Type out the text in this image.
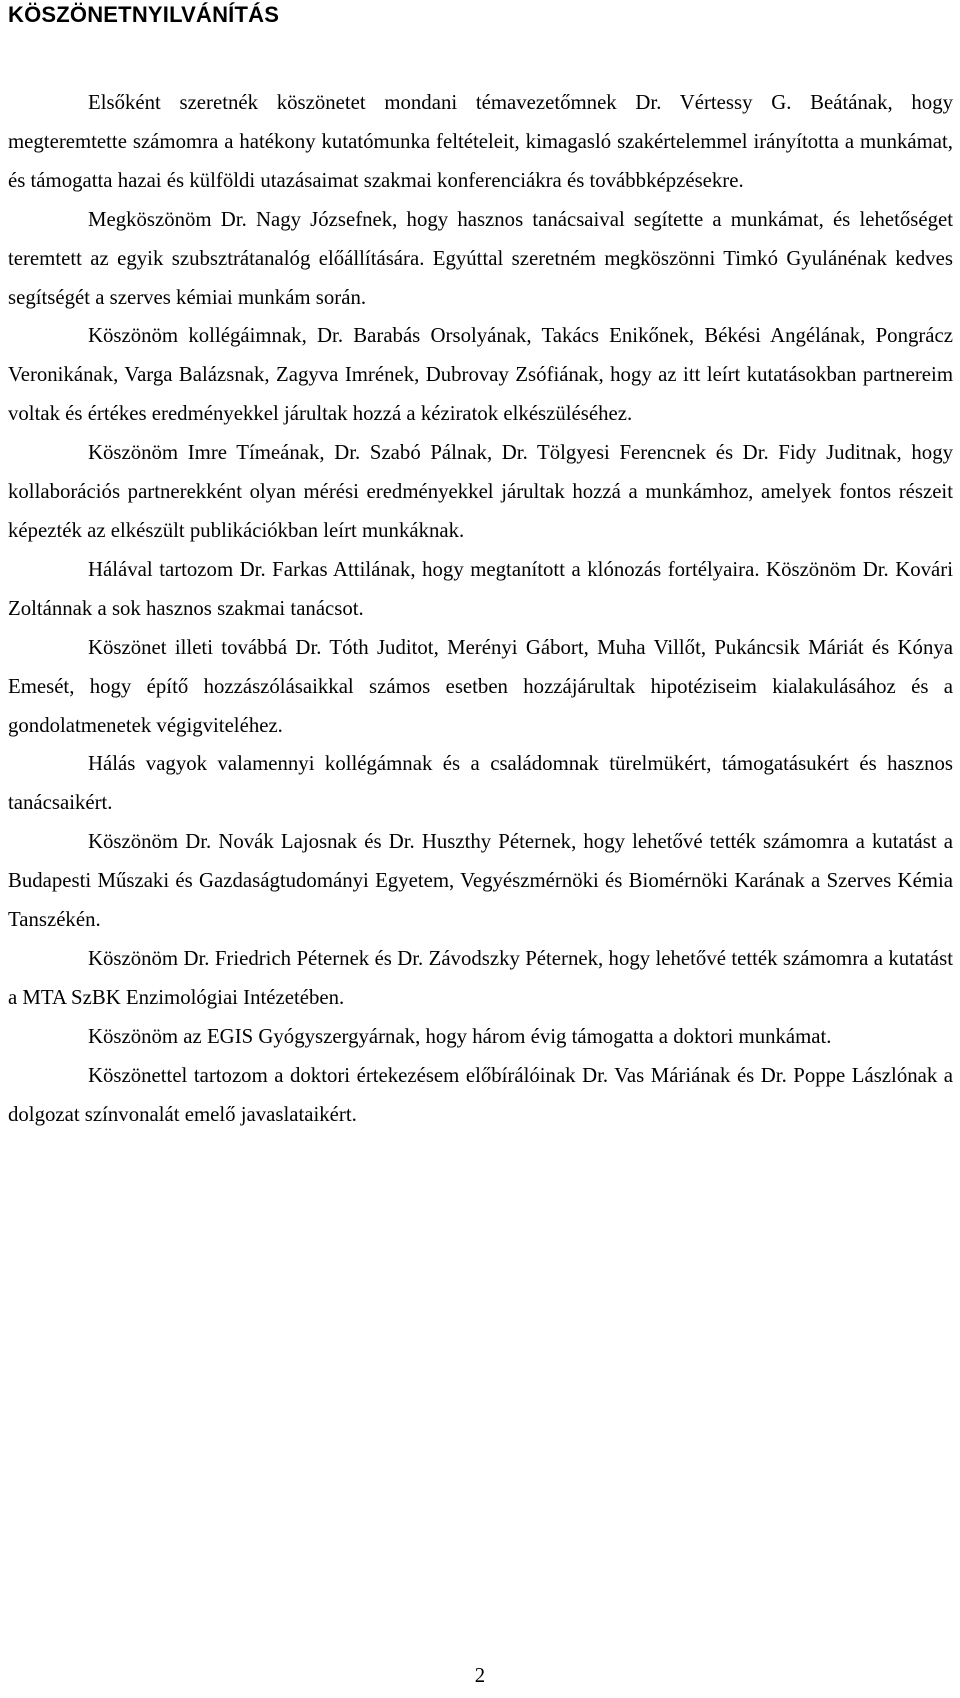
KÖSZÖNETNYILVÁNÍTÁS

Elsőként szeretnék köszönetet mondani témavezetőmnek Dr. Vértessy G. Beátának, hogy megteremtette számomra a hatékony kutatómunka feltételeit, kimagasló szakértelemmel irányította a munkámat, és támogatta hazai és külföldi utazásaimat szakmai konferenciákra és továbbképzésekre.

Megköszönöm Dr. Nagy Józsefnek, hogy hasznos tanácsaival segítette a munkámat, és lehetőséget teremtett az egyik szubsztrátanalóg előállítására. Egyúttal szeretném megköszönni Timkó Gyulánénak kedves segítségét a szerves kémiai munkám során.

Köszönöm kollégáimnak, Dr. Barabás Orsolyának, Takács Enikőnek, Békési Angélának, Pongrácz Veronikának, Varga Balázsnak, Zagyva Imrének, Dubrovay Zsófiának, hogy az itt leírt kutatásokban partnereim voltak és értékes eredményekkel járultak hozzá a kéziratok elkészüléséhez.

Köszönöm Imre Tímeának, Dr. Szabó Pálnak, Dr. Tölgyesi Ferencnek és Dr. Fidy Juditnak, hogy kollaborációs partnerekként olyan mérési eredményekkel járultak hozzá a munkámhoz, amelyek fontos részeit képezték az elkészült publikációkban leírt munkáknak.

Hálával tartozom Dr. Farkas Attilának, hogy megtanított a klónozás fortélyaira. Köszönöm Dr. Kovári Zoltánnak a sok hasznos szakmai tanácsot.

Köszönet illeti továbbá Dr. Tóth Juditot, Merényi Gábort, Muha Villőt, Pukáncsik Máriát és Kónya Emesét, hogy építő hozzászólásaikkal számos esetben hozzájárultak hipotéziseim kialakulásához és a gondolatmenetek végigviteléhez.

Hálás vagyok valamennyi kollégámnak és a családomnak türelmükért, támogatásukért és hasznos tanácsaikért.

Köszönöm Dr. Novák Lajosnak és Dr. Huszthy Péternek, hogy lehetővé tették számomra a kutatást a Budapesti Műszaki és Gazdaságtudományi Egyetem, Vegyészmérnöki és Biomérnöki Karának a Szerves Kémia Tanszékén.

Köszönöm Dr. Friedrich Péternek és Dr. Závodszky Péternek, hogy lehetővé tették számomra a kutatást a MTA SzBK Enzimológiai Intézetében.

Köszönöm az EGIS Gyógyszergyárnak, hogy három évig támogatta a doktori munkámat.

Köszönettel tartozom a doktori értekezésem előbírálóinak Dr. Vas Máriának és Dr. Poppe Lászlónak a dolgozat színvonalát emelő javaslataikért.

2
